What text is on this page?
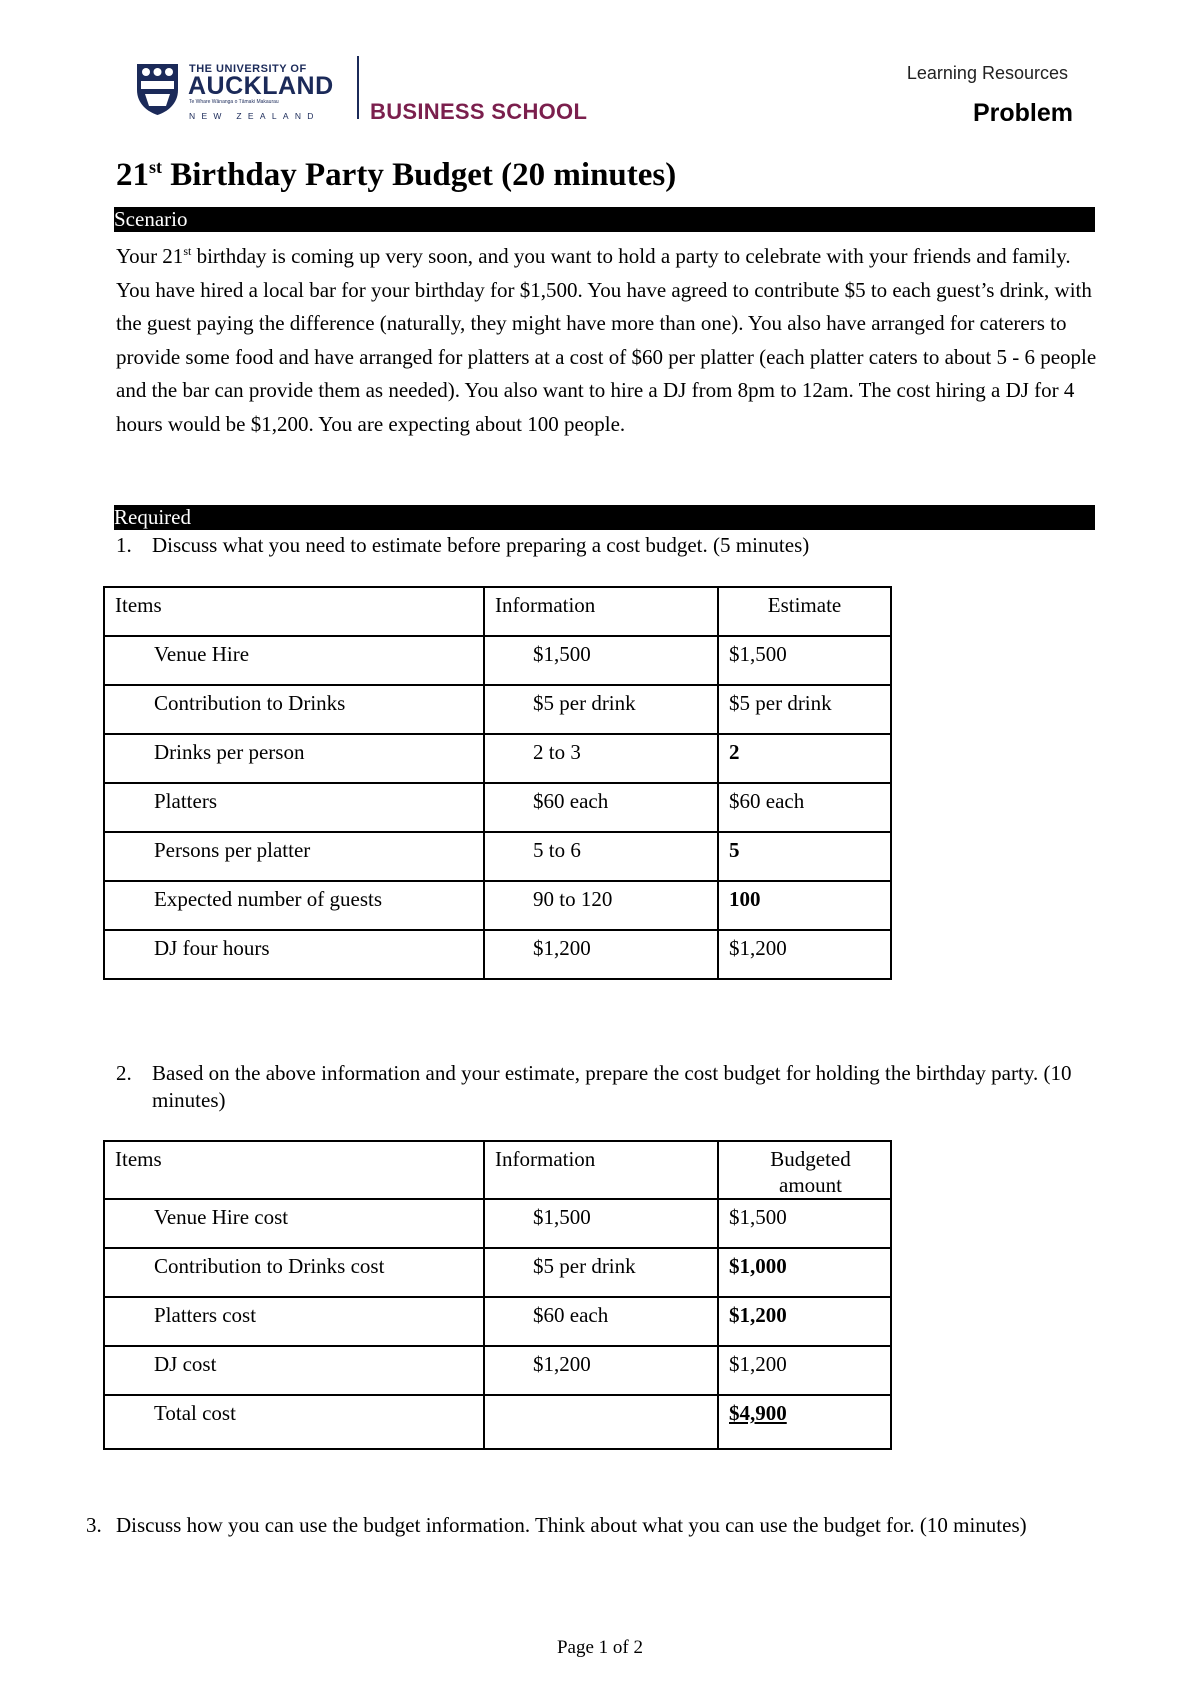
THE UNIVERSITY OF
AUCKLAND
Te Whare Wānanga o Tāmaki Makaurau
NEW ZEALAND BUSINESS SCHOOL
Learning Resources
Problem
21st Birthday Party Budget (20 minutes)
Scenario
Your 21st birthday is coming up very soon, and you want to hold a party to celebrate with your friends and family. You have hired a local bar for your birthday for $1,500. You have agreed to contribute $5 to each guest’s drink, with the guest paying the difference (naturally, they might have more than one). You also have arranged for caterers to provide some food and have arranged for platters at a cost of $60 per platter (each platter caters to about 5 - 6 people and the bar can provide them as needed). You also want to hire a DJ from 8pm to 12am. The cost hiring a DJ for 4 hours would be $1,200. You are expecting about 100 people.
Required
1. Discuss what you need to estimate before preparing a cost budget. (5 minutes)
Items	Information	Estimate
Venue Hire	$1,500	$1,500
Contribution to Drinks	$5 per drink	$5 per drink
Drinks per person	2 to 3	2
Platters	$60 each	$60 each
Persons per platter	5 to 6	5
Expected number of guests	90 to 120	100
DJ four hours	$1,200	$1,200
2. Based on the above information and your estimate, prepare the cost budget for holding the birthday party. (10 minutes)
Items	Information	Budgeted amount
Venue Hire cost	$1,500	$1,500
Contribution to Drinks cost	$5 per drink	$1,000
Platters cost	$60 each	$1,200
DJ cost	$1,200	$1,200
Total cost		$4,900
3. Discuss how you can use the budget information. Think about what you can use the budget for. (10 minutes)
Page 1 of 2
